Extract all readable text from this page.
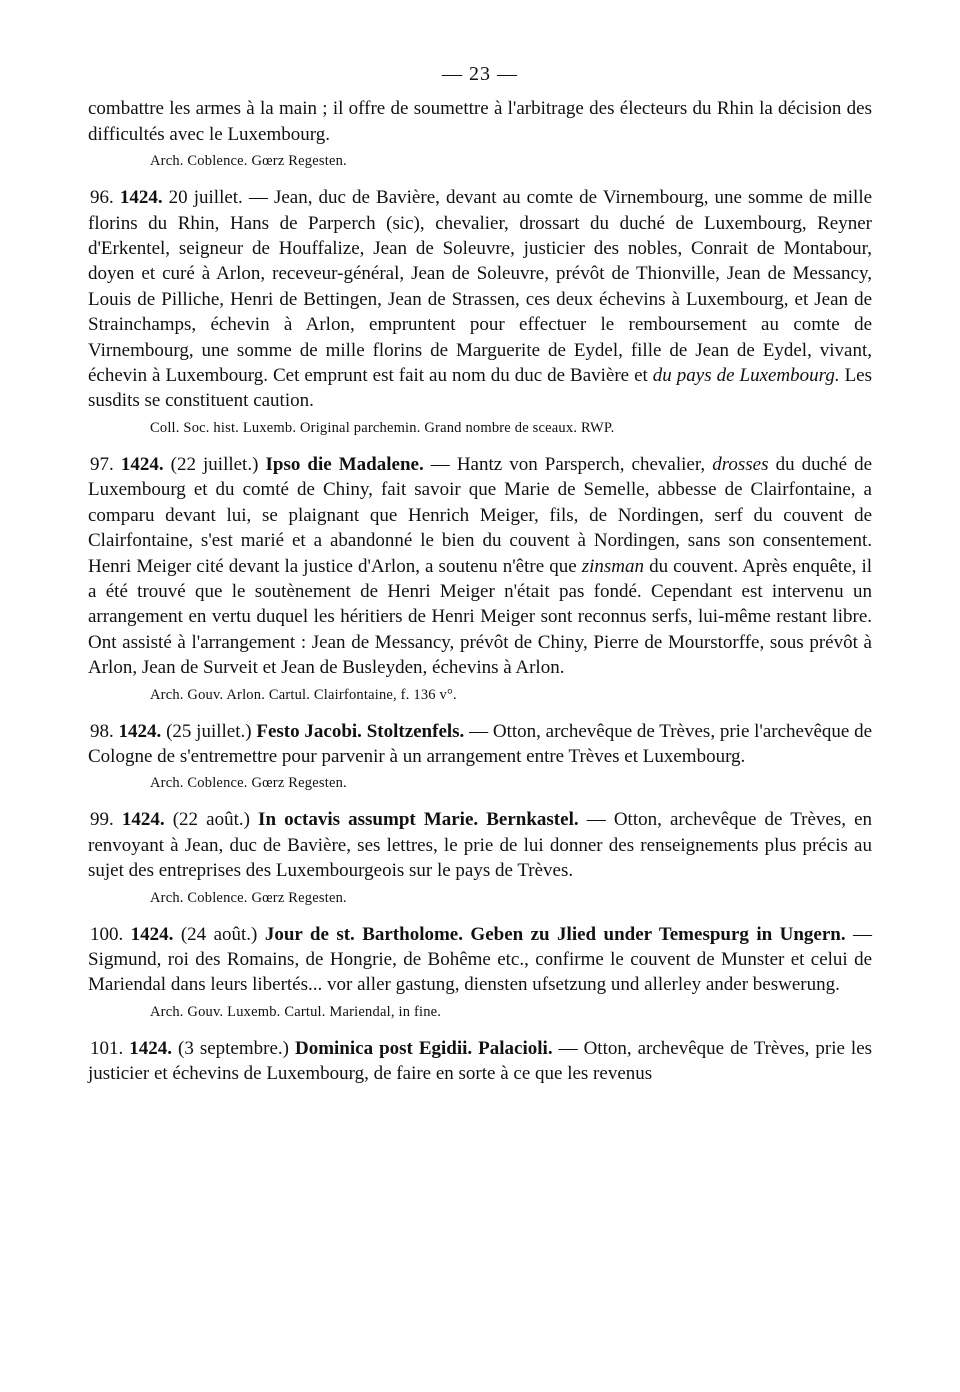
— 23 —

combattre les armes à la main ; il offre de soumettre à l'arbitrage des électeurs du Rhin la décision des difficultés avec le Luxembourg.

Arch. Coblence. Gœrz Regesten.

96. 1424. 20 juillet. — Jean, duc de Bavière, devant au comte de Virnembourg, une somme de mille florins du Rhin, Hans de Parperch (sic), chevalier, drossart du duché de Luxembourg, Reyner d'Erkentel, seigneur de Houffalize, Jean de Soleuvre, justicier des nobles, Conrait de Montabour, doyen et curé à Arlon, receveur-général, Jean de Soleuvre, prévôt de Thionville, Jean de Messancy, Louis de Pilliche, Henri de Bettingen, Jean de Strassen, ces deux échevins à Luxembourg, et Jean de Strainchamps, échevin à Arlon, empruntent pour effectuer le remboursement au comte de Virnembourg, une somme de mille florins de Marguerite de Eydel, fille de Jean de Eydel, vivant, échevin à Luxembourg. Cet emprunt est fait au nom du duc de Bavière et du pays de Luxembourg. Les susdits se constituent caution.

Coll. Soc. hist. Luxemb. Original parchemin. Grand nombre de sceaux. RWP.

97. 1424. (22 juillet.) Ipso die Madalene. — Hantz von Parsperch, chevalier, drosses du duché de Luxembourg et du comté de Chiny, fait savoir que Marie de Semelle, abbesse de Clairfontaine, a comparu devant lui, se plaignant que Henrich Meiger, fils, de Nordingen, serf du couvent de Clairfontaine, s'est marié et a abandonné le bien du couvent à Nordingen, sans son consentement. Henri Meiger cité devant la justice d'Arlon, a soutenu n'être que zinsman du couvent. Après enquête, il a été trouvé que le soutènement de Henri Meiger n'était pas fondé. Cependant est intervenu un arrangement en vertu duquel les héritiers de Henri Meiger sont reconnus serfs, lui-même restant libre. Ont assisté à l'arrangement : Jean de Messancy, prévôt de Chiny, Pierre de Mourstorffe, sous prévôt à Arlon, Jean de Surveit et Jean de Busleyden, échevins à Arlon.

Arch. Gouv. Arlon. Cartul. Clairfontaine, f. 136 v°.

98. 1424. (25 juillet.) Festo Jacobi. Stoltzenfels. — Otton, archevêque de Trèves, prie l'archevêque de Cologne de s'entremettre pour parvenir à un arrangement entre Trèves et Luxembourg.

Arch. Coblence. Gœrz Regesten.

99. 1424. (22 août.) In octavis assumpt Marie. Bernkastel. — Otton, archevêque de Trèves, en renvoyant à Jean, duc de Bavière, ses lettres, le prie de lui donner des renseignements plus précis au sujet des entreprises des Luxembourgeois sur le pays de Trèves.

Arch. Coblence. Gœrz Regesten.

100. 1424. (24 août.) Jour de st. Bartholome. Geben zu Jlied under Temespurg in Ungern. — Sigmund, roi des Romains, de Hongrie, de Bohême etc., confirme le couvent de Munster et celui de Mariendal dans leurs libertés... vor aller gastung, diensten ufsetzung und allerley ander beswerung.

Arch. Gouv. Luxemb. Cartul. Mariendal, in fine.

101. 1424. (3 septembre.) Dominica post Egidii. Palacioli. — Otton, archevêque de Trèves, prie les justicier et échevins de Luxembourg, de faire en sorte à ce que les revenus
